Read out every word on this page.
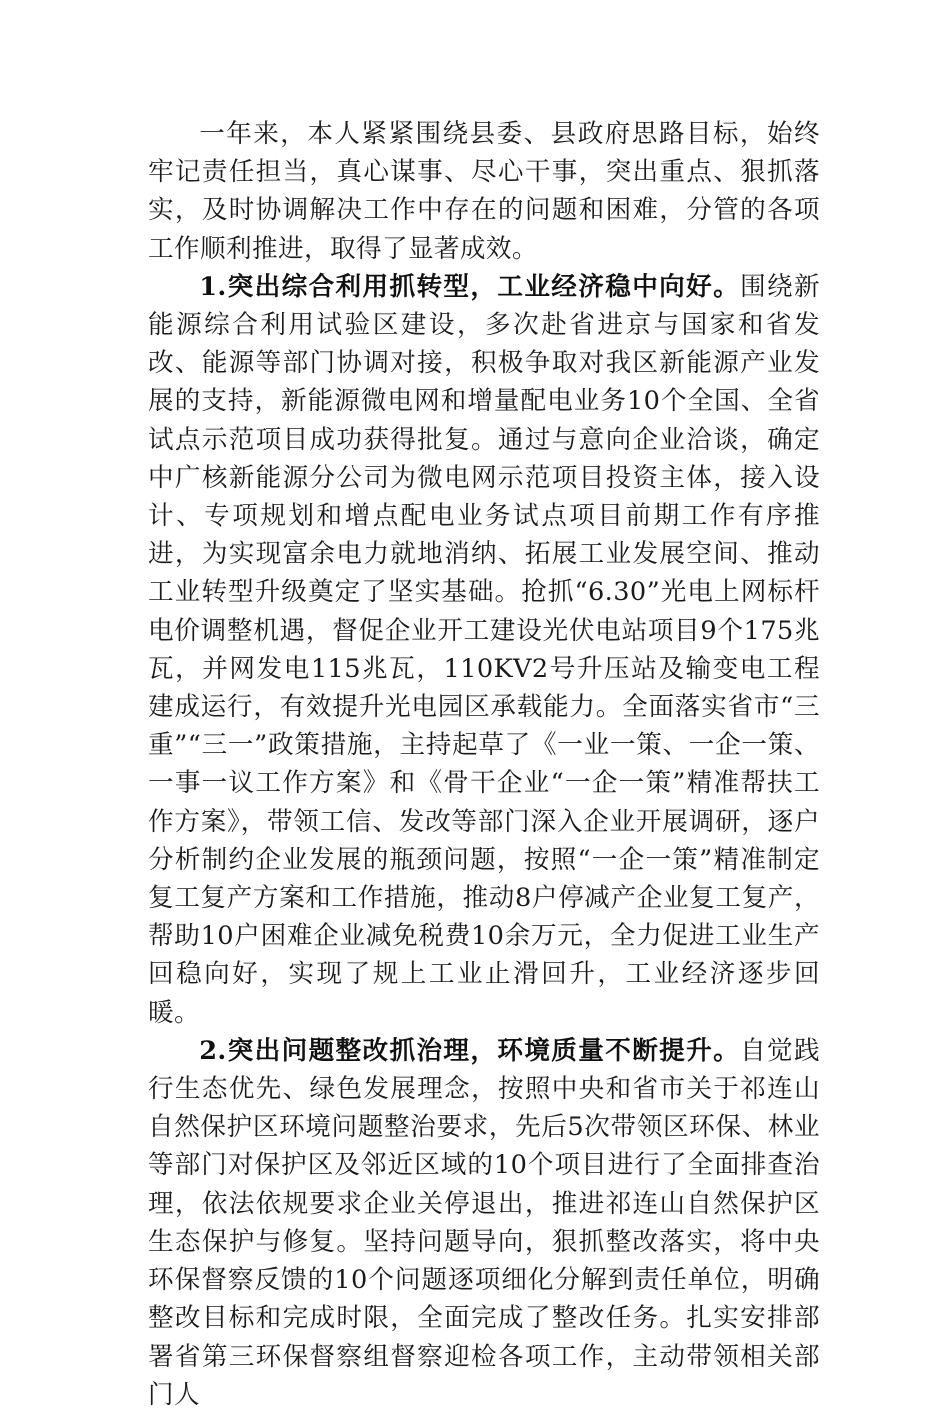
一年来，本人紧紧围绕县委、县政府思路目标，始终牢记责任担当，真心谋事、尽心干事，突出重点、狠抓落实，及时协调解决工作中存在的问题和困难，分管的各项工作顺利推进，取得了显著成效。

1.突出综合利用抓转型，工业经济稳中向好。围绕新能源综合利用试验区建设，多次赴省进京与国家和省发改、能源等部门协调对接，积极争取对我区新能源产业发展的支持，新能源微电网和增量配电业务10个全国、全省试点示范项目成功获得批复。通过与意向企业洽谈，确定中广核新能源分公司为微电网示范项目投资主体，接入设计、专项规划和增点配电业务试点项目前期工作有序推进，为实现富余电力就地消纳、拓展工业发展空间、推动工业转型升级奠定了坚实基础。抢抓“6.30”光电上网标杆电价调整机遇，督促企业开工建设光伏电站项目9个175兆瓦，并网发电115兆瓦，110KV2号升压站及输变电工程建成运行，有效提升光电园区承载能力。全面落实省市“三重”“三一”政策措施，主持起草了《一业一策、一企一策、一事一议工作方案》和《骨干企业“一企一策”精准帮扶工作方案》，带领工信、发改等部门深入企业开展调研，逐户分析制约企业发展的瓶颈问题，按照“一企一策”精准制定复工复产方案和工作措施，推动8户停减产企业复工复产，帮助10户困难企业减免税费10余万元，全力促进工业生产回稳向好，实现了规上工业止滑回升，工业经济逐步回暖。

2.突出问题整改抓治理，环境质量不断提升。自觉践行生态优先、绿色发展理念，按照中央和省市关于祁连山自然保护区环境问题整治要求，先后5次带领区环保、林业等部门对保护区及邻近区域的10个项目进行了全面排查治理，依法依规要求企业关停退出，推进祁连山自然保护区生态保护与修复。坚持问题导向，狠抓整改落实，将中央环保督察反馈的10个问题逐项细化分解到责任单位，明确整改目标和完成时限，全面完成了整改任务。扎实安排部署省第三环保督察组督察迎检各项工作，主动带领相关部门人
